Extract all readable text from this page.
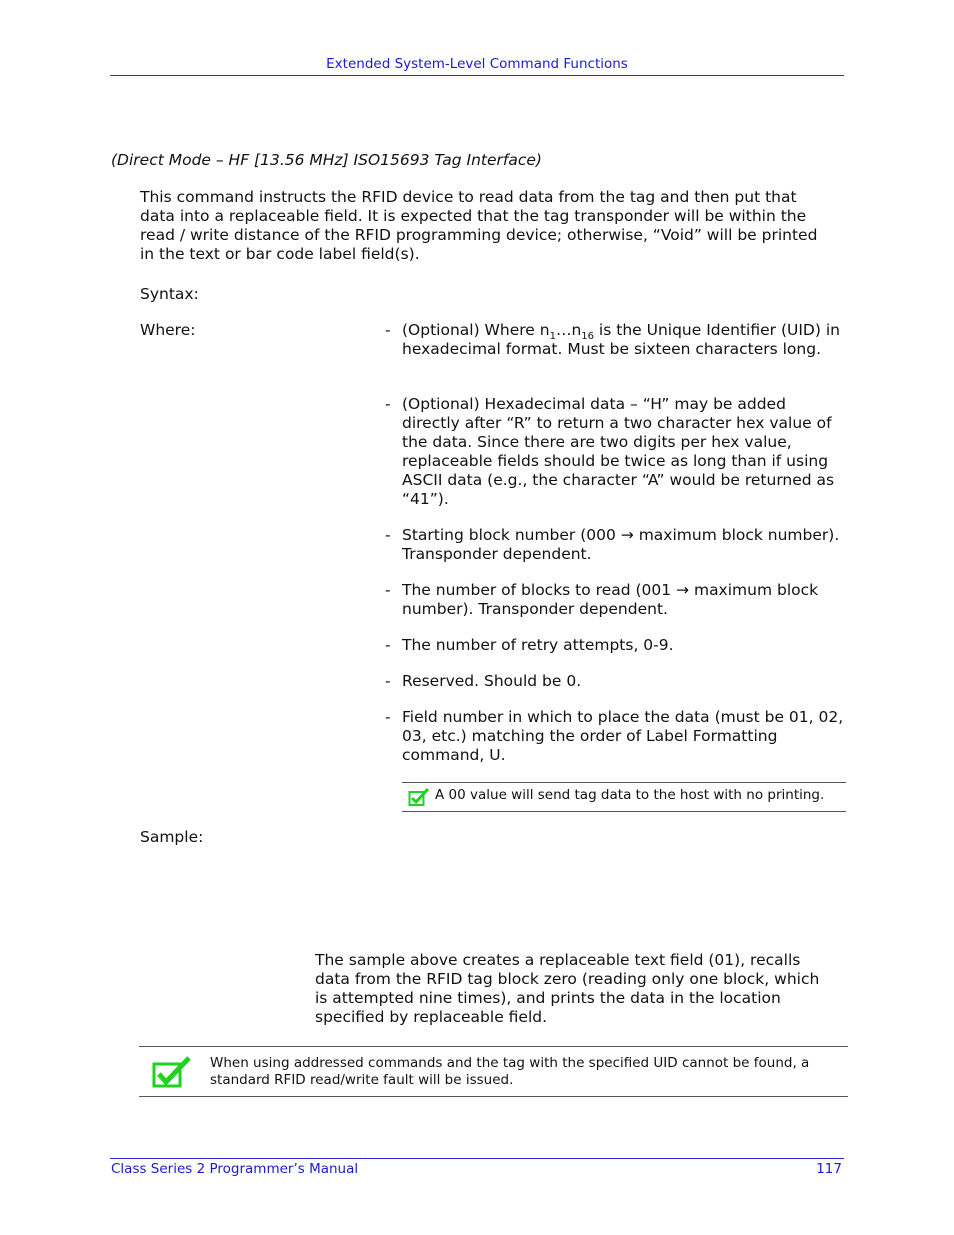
Extended System-Level Command Functions
(Direct Mode – HF [13.56 MHz] ISO15693 Tag Interface)
This command instructs the RFID device to read data from the tag and then put that
data into a replaceable field. It is expected that the tag transponder will be within the
read / write distance of the RFID programming device; otherwise, “Void” will be printed
in the text or bar code label field(s).
Syntax:
Where:	- (Optional) Where $n_1\dots n_{16}$ is the Unique Identifier (UID) in hexadecimal format. Must be sixteen characters long.
- (Optional) Hexadecimal data – “H” may be added directly after “R” to return a two character hex value of the data. Since there are two digits per hex value, replaceable fields should be twice as long than if using ASCII data (e.g., the character “A” would be returned as “41”).
- Starting block number (000 → maximum block number). Transponder dependent.
- The number of blocks to read (001 → maximum block number). Transponder dependent.
- The number of retry attempts, 0-9.
- Reserved. Should be 0.
- Field number in which to place the data (must be 01, 02, 03, etc.) matching the order of Label Formatting command, U.
A 00 value will send tag data to the host with no printing.
Sample:
The sample above creates a replaceable text field (01), recalls
data from the RFID tag block zero (reading only one block, which
is attempted nine times), and prints the data in the location
specified by replaceable field.
When using addressed commands and the tag with the specified UID cannot be found, a
standard RFID read/write fault will be issued.
Class Series 2 Programmer’s Manual	117
